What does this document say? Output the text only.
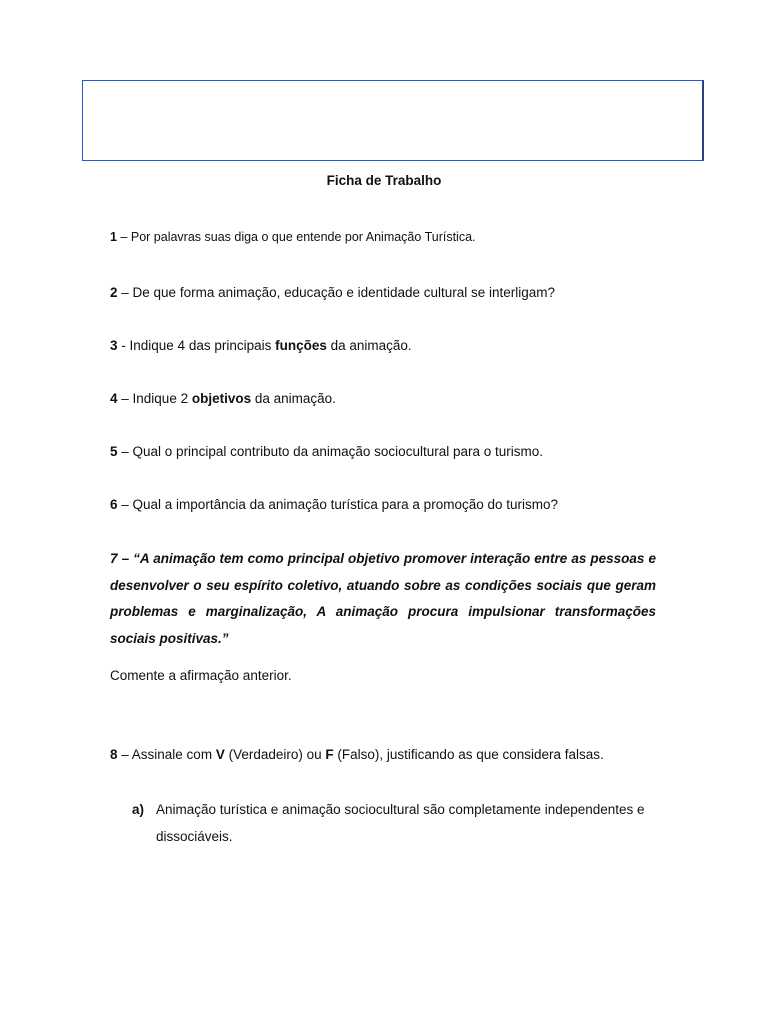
Ficha de Trabalho
1 – Por palavras suas diga o que entende por Animação Turística.
2 – De que forma animação, educação e identidade cultural se interligam?
3 - Indique 4 das principais funções da animação.
4 – Indique 2 objetivos da animação.
5 – Qual o principal contributo da animação sociocultural para o turismo.
6 – Qual a importância da animação turística para a promoção do turismo?
7 – “A animação tem como principal objetivo promover interação entre as pessoas e desenvolver o seu espírito coletivo, atuando sobre as condições sociais que geram problemas e marginalização, A animação procura impulsionar transformações sociais positivas.”
Comente a afirmação anterior.
8 – Assinale com V (Verdadeiro) ou F (Falso), justificando as que considera falsas.
a) Animação turística e animação sociocultural são completamente independentes e dissociáveis.
